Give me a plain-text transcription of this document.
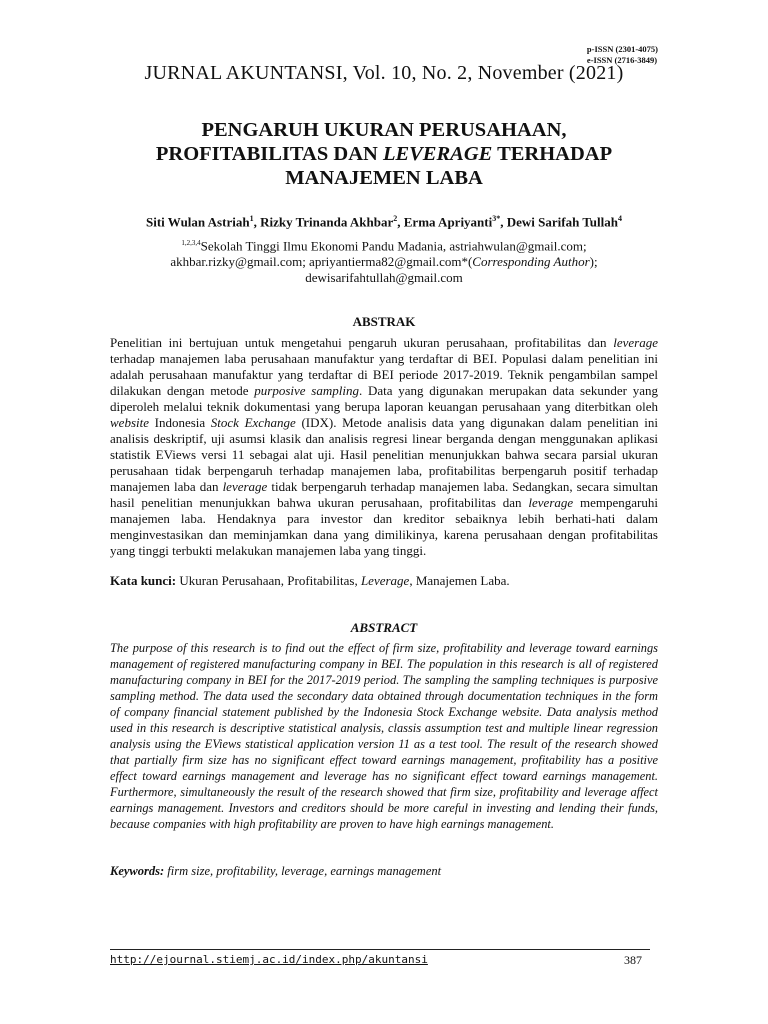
p-ISSN (2301-4075)
e-ISSN (2716-3849)
JURNAL AKUNTANSI, Vol. 10, No. 2, November (2021)
PENGARUH UKURAN PERUSAHAAN,
PROFITABILITAS DAN LEVERAGE TERHADAP
MANAJEMEN LABA
Siti Wulan Astriah$^1$, Rizky Trinanda Akhbar$^2$, Erma Apriyanti$^{3*}$, Dewi Sarifah Tullah$^4$
$^{1,2,3,4}$Sekolah Tinggi Ilmu Ekonomi Pandu Madania, astriahwulan@gmail.com;
akhbar.rizky@gmail.com; apriyantierma82@gmail.com*(Corresponding Author);
dewisarifahtullah@gmail.com
ABSTRAK
Penelitian ini bertujuan untuk mengetahui pengaruh ukuran perusahaan, profitabilitas dan leverage terhadap manajemen laba perusahaan manufaktur yang terdaftar di BEI. Populasi dalam penelitian ini adalah perusahaan manufaktur yang terdaftar di BEI periode 2017-2019. Teknik pengambilan sampel dilakukan dengan metode purposive sampling. Data yang digunakan merupakan data sekunder yang diperoleh melalui teknik dokumentasi yang berupa laporan keuangan perusahaan yang diterbitkan oleh website Indonesia Stock Exchange (IDX). Metode analisis data yang digunakan dalam penelitian ini analisis deskriptif, uji asumsi klasik dan analisis regresi linear berganda dengan menggunakan aplikasi statistik EViews versi 11 sebagai alat uji. Hasil penelitian menunjukkan bahwa secara parsial ukuran perusahaan tidak berpengaruh terhadap manajemen laba, profitabilitas berpengaruh positif terhadap manajemen laba dan leverage tidak berpengaruh terhadap manajemen laba. Sedangkan, secara simultan hasil penelitian menunjukkan bahwa ukuran perusahaan, profitabilitas dan leverage mempengaruhi manajemen laba. Hendaknya para investor dan kreditor sebaiknya lebih berhati-hati dalam menginvestasikan dan meminjamkan dana yang dimilikinya, karena perusahaan dengan profitabilitas yang tinggi terbukti melakukan manajemen laba yang tinggi.
Kata kunci: Ukuran Perusahaan, Profitabilitas, Leverage, Manajemen Laba.
ABSTRACT
The purpose of this research is to find out the effect of firm size, profitability and leverage toward earnings management of registered manufacturing company in BEI. The population in this research is all of registered manufacturing company in BEI for the 2017-2019 period. The sampling the sampling techniques is purposive sampling method. The data used the secondary data obtained through documentation techniques in the form of company financial statement published by the Indonesia Stock Exchange website. Data analysis method used in this research is descriptive statistical analysis, classis assumption test and multiple linear regression analysis using the EViews statistical application version 11 as a test tool. The result of the research showed that partially firm size has no significant effect toward earnings management, profitability has a positive effect toward earnings management and leverage has no significant effect toward earnings management. Furthermore, simultaneously the result of the research showed that firm size, profitability and leverage affect earnings management. Investors and creditors should be more careful in investing and lending their funds, because companies with high profitability are proven to have high earnings management.
Keywords: firm size, profitability, leverage, earnings management
http://ejournal.stiemj.ac.id/index.php/akuntansi	387
